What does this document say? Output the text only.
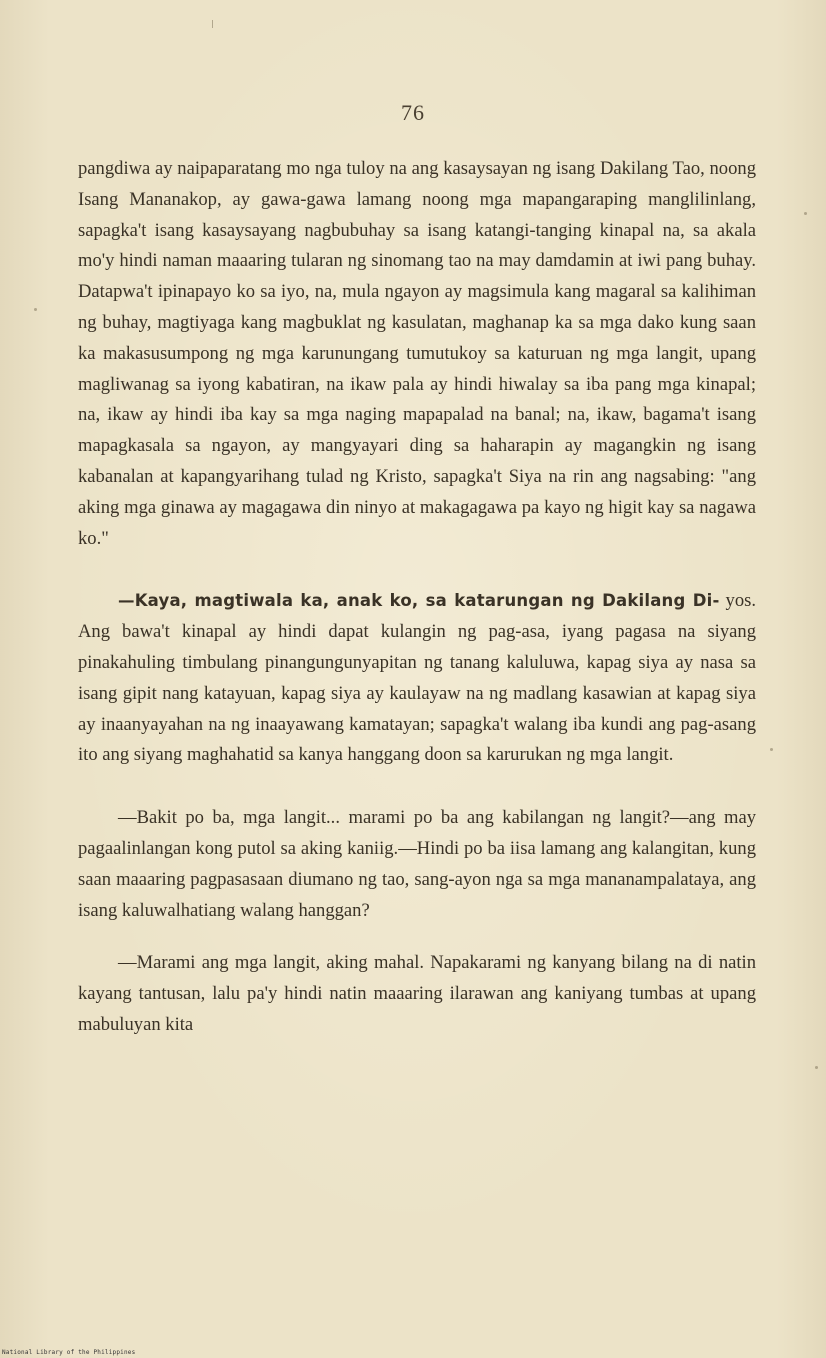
76

pangdiwa ay naipaparatang mo nga tuloy na ang kasaysayan ng isang Dakilang Tao, noong Isang Mananakop, ay gawa-gawa lamang noong mga mapangaraping manglilinlang, sapagka't isang kasaysayang nagbubuhay sa isang katangi-tanging kinapal na, sa akala mo'y hindi naman maaaring tularan ng sinomang tao na may damdamin at iwi pang buhay. Datapwa't ipinapayo ko sa iyo, na, mula ngayon ay magsimula kang magaral sa kalihiman ng buhay, magtiyaga kang magbuklat ng kasulatan, maghanap ka sa mga dako kung saan ka makasusumpong ng mga karunungang tumutukoy sa katuruan ng mga langit, upang magliwanag sa iyong kabatiran, na ikaw pala ay hindi hiwalay sa iba pang mga kinapal; na, ikaw ay hindi iba kay sa mga naging mapapalad na banal; na, ikaw, bagama't isang mapagkasala sa ngayon, ay mangyayari ding sa haharapin ay magangkin ng isang kabanalan at kapangyarihang tulad ng Kristo, sapagka't Siya na rin ang nagsabing: "ang aking mga ginawa ay magagawa din ninyo at makagagawa pa kayo ng higit kay sa nagawa ko."

—Kaya, magtiwala ka, anak ko, sa katarungan ng Dakilang Di- yos. Ang bawa't kinapal ay hindi dapat kulangin ng pag-asa, iyang pagasa na siyang pinakahuling timbulang pinangungunyapitan ng tanang kaluluwa, kapag siya ay nasa sa isang gipit nang katayuan, kapag siya ay kaulayaw na ng madlang kasawian at kapag siya ay inaanyayahan na ng inaayawang kamatayan; sapagka't walang iba kundi ang pag-asang ito ang siyang maghahatid sa kanya hanggang doon sa karurukan ng mga langit.

—Bakit po ba, mga langit... marami po ba ang kabilangan ng langit?—ang may pagaalinlangan kong putol sa aking kaniig.—Hindi po ba iisa lamang ang kalangitan, kung saan maaaring pagpasasaan diumano ng tao, sang-ayon nga sa mga mananampalataya, ang isang kaluwalhatiang walang hanggan?

—Marami ang mga langit, aking mahal. Napakarami ng kanyang bilang na di natin kayang tantusan, lalu pa'y hindi natin maaaring ilarawan ang kaniyang tumbas at upang mabuluyan kita

National Library of the Philippines
